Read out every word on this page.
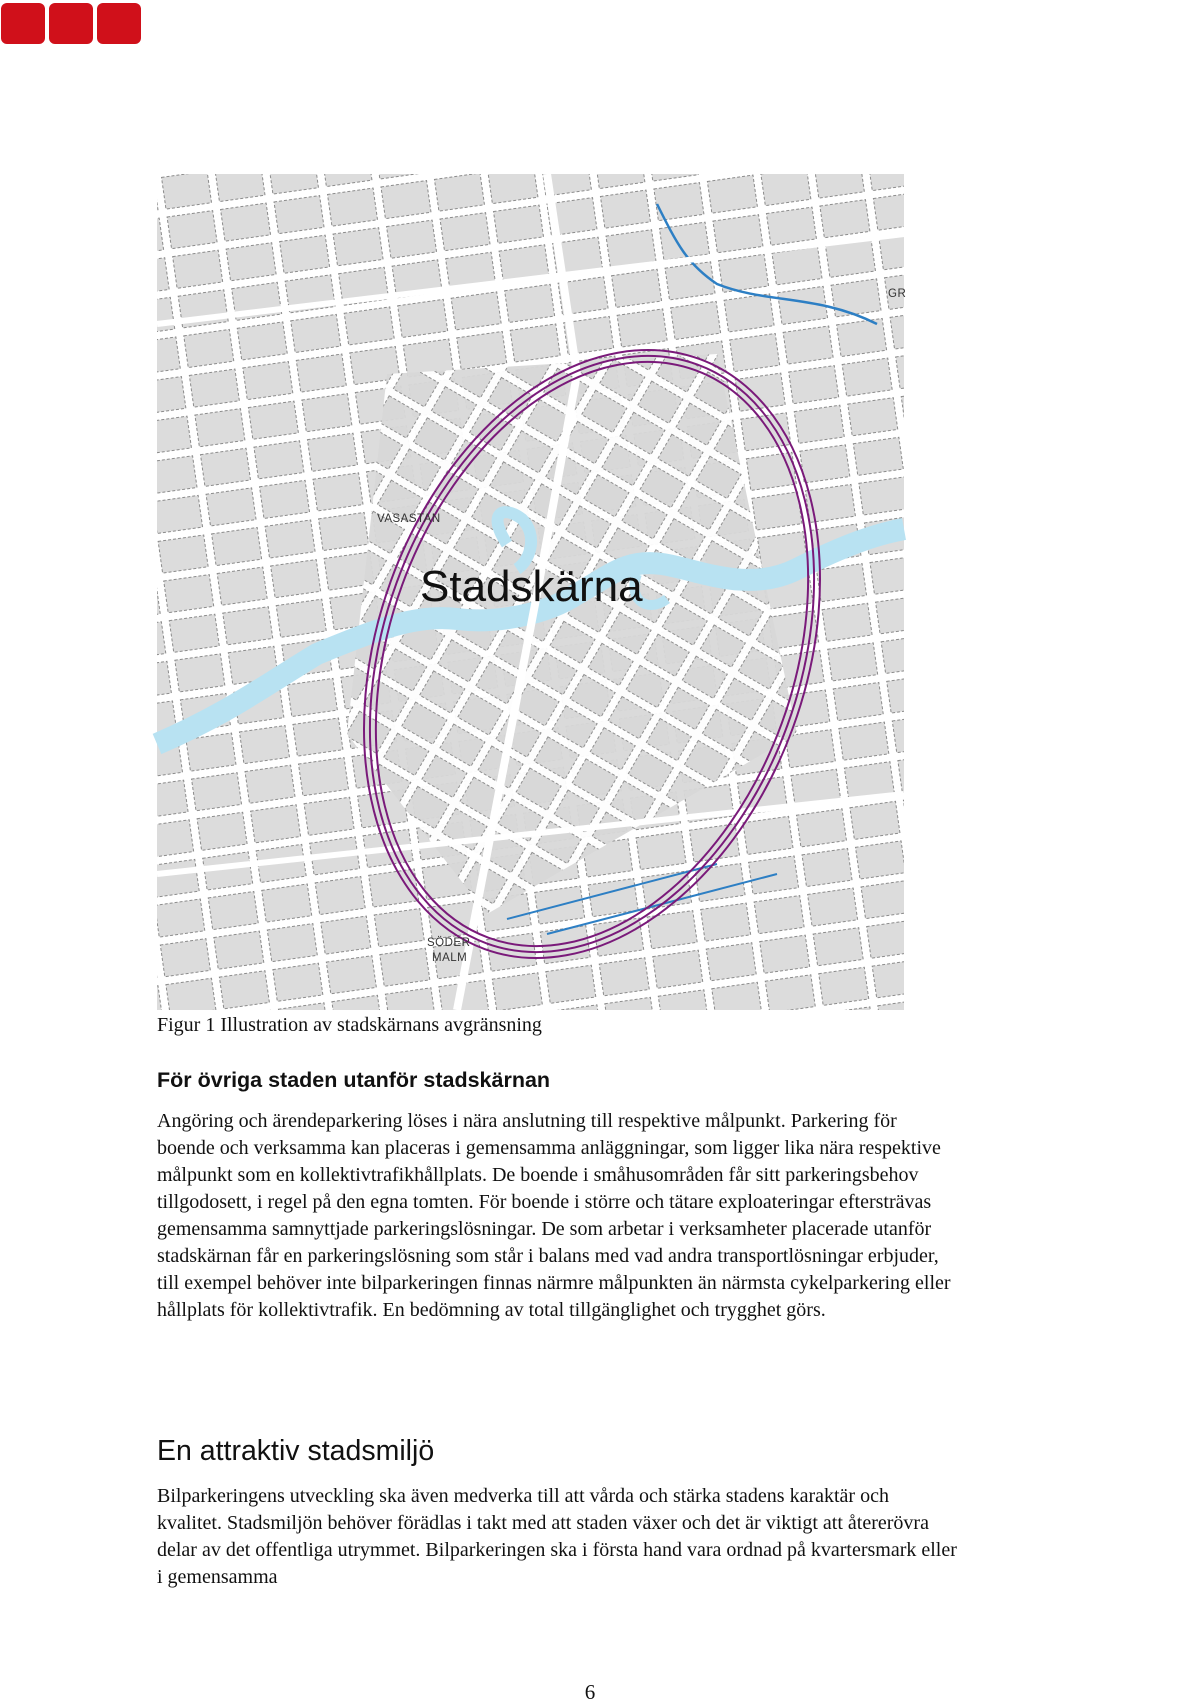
VASASTAN
Stadskärna
SÖDER
MALM
GR
Figur 1 Illustration av stadskärnans avgränsning
För övriga staden utanför stadskärnan

Angöring och ärendeparkering löses i nära anslutning till respektive målpunkt. Parkering för boende och verksamma kan placeras i gemensamma anläggningar, som ligger lika nära respektive målpunkt som en kollektivtrafikhållplats. De boende i småhusområden får sitt parkeringsbehov tillgodosett, i regel på den egna tomten. För boende i större och tätare exploateringar eftersträvas gemensamma samnyttjade parkeringslösningar. De som arbetar i verksamheter placerade utanför stadskärnan får en parkeringslösning som står i balans med vad andra transportlösningar erbjuder, till exempel behöver inte bilparkeringen finnas närmre målpunkten än närmsta cykelparkering eller hållplats för kollektivtrafik. En bedömning av total tillgänglighet och trygghet görs.

En attraktiv stadsmiljö

Bilparkeringens utveckling ska även medverka till att vårda och stärka stadens karaktär och kvalitet. Stadsmiljön behöver förädlas i takt med att staden växer och det är viktigt att återerövra delar av det offentliga utrymmet. Bilparkeringen ska i första hand vara ordnad på kvartersmark eller i gemensamma

6
